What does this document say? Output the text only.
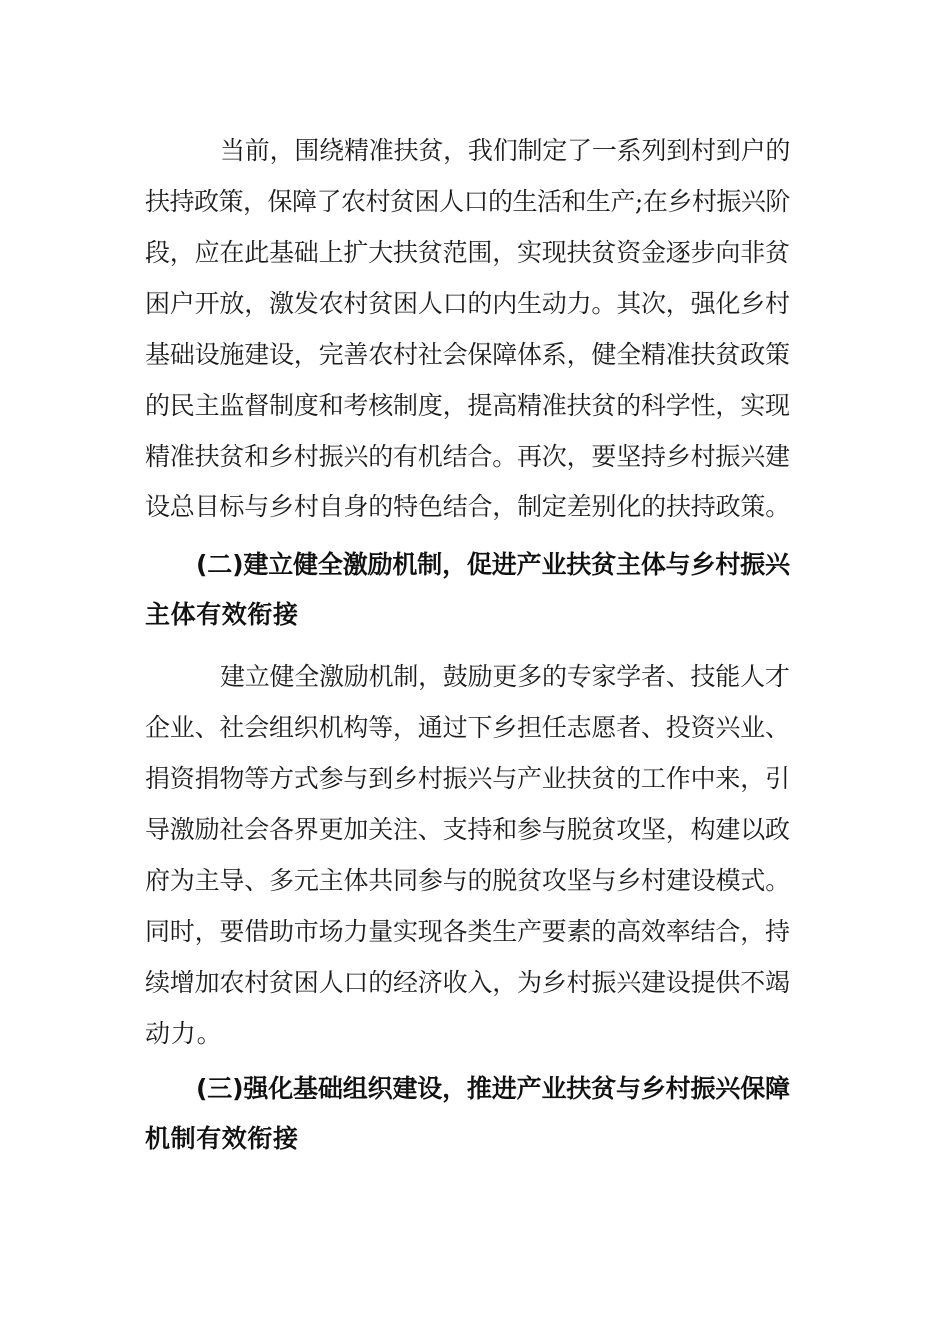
当前，围绕精准扶贫，我们制定了一系列到村到户的
扶持政策，保障了农村贫困人口的生活和生产;在乡村振兴阶
段，应在此基础上扩大扶贫范围，实现扶贫资金逐步向非贫
困户开放，激发农村贫困人口的内生动力。其次，强化乡村
基础设施建设，完善农村社会保障体系，健全精准扶贫政策
的民主监督制度和考核制度，提高精准扶贫的科学性，实现
精准扶贫和乡村振兴的有机结合。再次，要坚持乡村振兴建
设总目标与乡村自身的特色结合，制定差别化的扶持政策。
(二)建立健全激励机制，促进产业扶贫主体与乡村振兴
主体有效衔接
建立健全激励机制，鼓励更多的专家学者、技能人才
企业、社会组织机构等，通过下乡担任志愿者、投资兴业、
捐资捐物等方式参与到乡村振兴与产业扶贫的工作中来，引
导激励社会各界更加关注、支持和参与脱贫攻坚，构建以政
府为主导、多元主体共同参与的脱贫攻坚与乡村建设模式。
同时，要借助市场力量实现各类生产要素的高效率结合，持
续增加农村贫困人口的经济收入，为乡村振兴建设提供不竭
动力。
(三)强化基础组织建设，推进产业扶贫与乡村振兴保障
机制有效衔接
